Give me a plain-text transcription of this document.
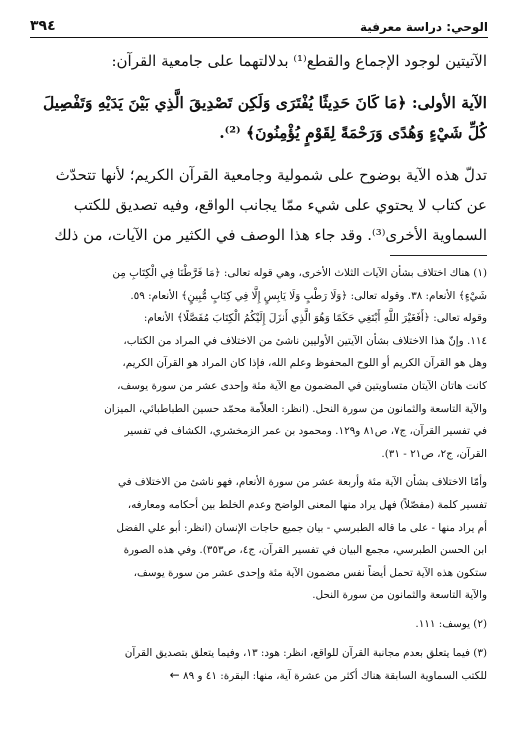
الوحي: دراسة معرفية
٣٩٤
الآتيتين لوجود الإجماع والقطع⁽¹⁾ بدلالتهما على جامعية القرآن:
الآية الأولى: ﴿مَا كَانَ حَدِيثًا يُفْتَرَى وَلَكِن تَصْدِيقَ الَّذِي بَيْنَ يَدَيْهِ وَتَفْصِيلَ
كُلِّ شَيْءٍ وَهُدًى وَرَحْمَةً لِقَوْمٍ يُؤْمِنُونَ﴾ ⁽²⁾.
تدلّ هذه الآية بوضوح على شمولية وجامعية القرآن الكريم؛ لأنها تتحدّث
عن كتاب لا يحتوي على شيء ممّا يجانب الواقع، وفيه تصديق للكتب
السماوية الأخرى⁽³⁾. وقد جاء هذا الوصف في الكثير من الآيات، من ذلك
(١) هناك اختلاف بشأن الآيات الثلاث الأخرى، وهي قوله تعالى: ﴿مَا فَرَّطْنَا فِي الْكِتَابِ مِن
شَيْءٍ﴾ الأنعام: ٣٨. وقوله تعالى: ﴿وَلَا رَطْبٍ وَلَا يَابِسٍ إِلَّا فِي كِتَابٍ مُّبِينٍ﴾ الأنعام: ٥٩.
وقوله تعالى: ﴿أَفَغَيْرَ اللَّهِ أَبْتَغِي حَكَمًا وَهُوَ الَّذِي أَنزَلَ إِلَيْكُمُ الْكِتَابَ مُفَصَّلًا﴾ الأنعام:
١١٤. وإنّ هذا الاختلاف بشأن الآيتين الأوليين ناشئ من الاختلاف في المراد من الكتاب،
وهل هو القرآن الكريم أو اللوح المحفوظ وعلم الله، فإذا كان المراد هو القرآن الكريم،
كانت هاتان الآيتان متساويتين في المضمون مع الآية مئة وإحدى عشر من سورة يوسف،
والآية التاسعة والثمانون من سورة النحل. (انظر: العلاّمة محمّد حسين الطباطبائي، الميزان
في تفسير القرآن، ج٧، ص٨١ و١٢٩. ومحمود بن عمر الزمخشري، الكشاف في تفسير
القرآن، ج٢، ص٢١ - ٣١).
وأمّا الاختلاف بشأن الآية مئة وأربعة عشر من سورة الأنعام، فهو ناشئ من الاختلاف في
تفسير كلمة (مفصّلاً) فهل يراد منها المعنى الواضح وعدم الخلط بين أحكامه ومعارفه،
أم يراد منها - على ما قاله الطبرسي - بيان جميع حاجات الإنسان (انظر: أبو علي الفضل
ابن الحسن الطبرسي، مجمع البيان في تفسير القرآن، ج٤، ص٣٥٣). وفي هذه الصورة
ستكون هذه الآية تحمل أيضاً نفس مضمون الآية مئة وإحدى عشر من سورة يوسف،
والآية التاسعة والثمانون من سورة النحل.
(٢) يوسف: ١١١.
(٣) فيما يتعلق بعدم مجانبة القرآن للواقع، انظر: هود: ١٣، وفيما يتعلق بتصديق القرآن
للكتب السماوية السابقة هناك أكثر من عشرة آية، منها: البقرة: ٤١ و ٨٩ ←
